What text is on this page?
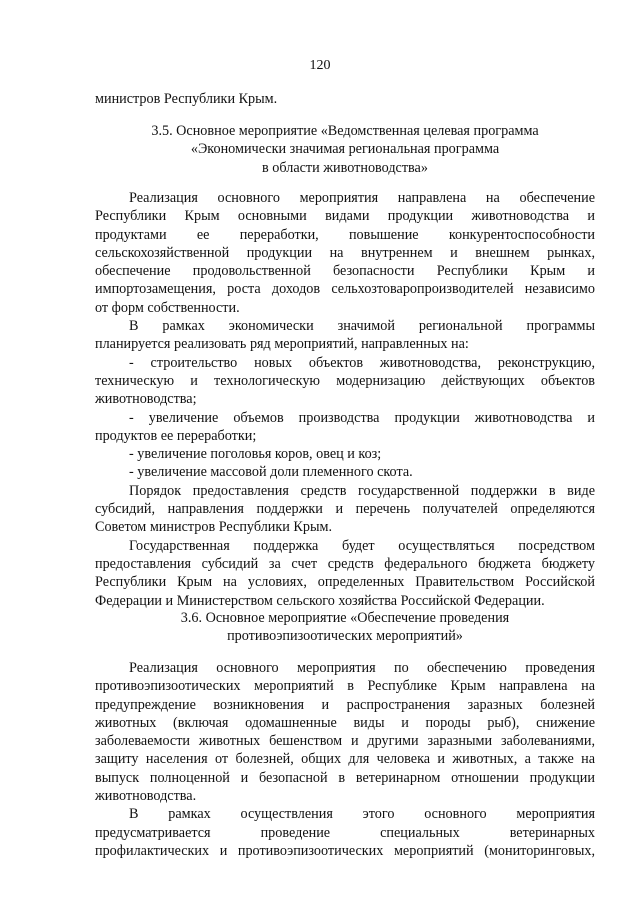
120

министров Республики Крым.

3.5. Основное мероприятие «Ведомственная целевая программа

«Экономически значимая региональная программа

в области животноводства»

Реализация основного мероприятия направлена на обеспечение

Республики Крым основными видами продукции животноводства и

продуктами ее переработки, повышение конкурентоспособности

сельскохозяйственной продукции на внутреннем и внешнем рынках,

обеспечение продовольственной безопасности Республики Крым и

импортозамещения, роста доходов сельхозтоваропроизводителей независимо

от форм собственности.

В рамках экономически значимой региональной программы

планируется реализовать ряд мероприятий, направленных на:

- строительство новых объектов животноводства, реконструкцию,

техническую и технологическую модернизацию действующих объектов

животноводства;

- увеличение объемов производства продукции животноводства и

продуктов ее переработки;

- увеличение поголовья коров, овец и коз;

- увеличение массовой доли племенного скота.

Порядок предоставления средств государственной поддержки в виде

субсидий, направления поддержки и перечень получателей определяются

Советом министров Республики Крым.

Государственная поддержка будет осуществляться посредством

предоставления субсидий за счет средств федерального бюджета бюджету

Республики Крым на условиях, определенных Правительством Российской

Федерации и Министерством сельского хозяйства Российской Федерации.

3.6. Основное мероприятие «Обеспечение проведения

противоэпизоотических мероприятий»

Реализация основного мероприятия по обеспечению проведения

противоэпизоотических мероприятий в Республике Крым направлена на

предупреждение возникновения и распространения заразных болезней

животных (включая одомашненные виды и породы рыб), снижение

заболеваемости животных бешенством и другими заразными заболеваниями,

защиту населения от болезней, общих для человека и животных, а также на

выпуск полноценной и безопасной в ветеринарном отношении продукции

животноводства.

В рамках осуществления этого основного мероприятия

предусматривается проведение специальных ветеринарных

профилактических и противоэпизоотических мероприятий (мониторинговых,
